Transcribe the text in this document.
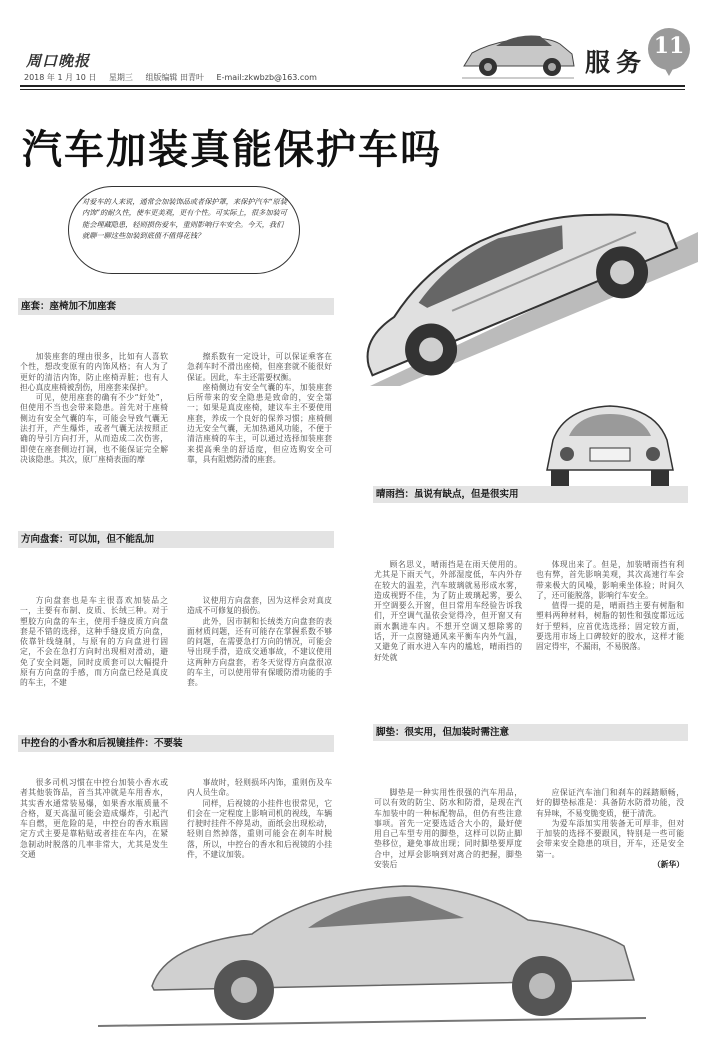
周口晚报
2018 年 1 月 10 日 星期三 组版编辑 田青叶 E-mail:zkwbzb@163.com
服务
11
汽车加装真能保护车吗
对爱车的人来说，通常会加装饰品或者保护罩，来保护汽车“原装内饰”的耐久性，使车更美观，更有个性。可实际上，很多加装可能会埋藏隐患，轻则损伤爱车，重则影响行车安全。今天，我们就聊一聊这些加装到底值不值得花钱？
座套：座椅加不加座套

加装座套的理由很多，比如有人喜软个性，想改变原有的内饰风格；有人为了更好的清洁内饰，防止座椅弄脏；也有人担心真皮座椅被刮伤，用座套来保护。

可见，使用座套的确有不少“好处”，但使用不当也会带来隐患。首先对于座椅侧边有安全气囊的车，可能会导致气囊无法打开，产生爆炸，或者气囊无法按照正确的导引方向打开，从而造成二次伤害，即使在座套侧边打洞，也不能保证完全解决该隐患。其次，原厂座椅表面的摩

擦系数有一定设计，可以保证乘客在急刹车时不滑出座椅，但座套就不能很好保证。因此，车主还需要权衡。

座椅侧边有安全气囊的车，加装座套后所带来的安全隐患是致命的，安全第一；如果是真皮座椅，建议车主不要使用座套，养成一个良好的保养习惯；座椅侧边无安全气囊，无加热通风功能，不便于清洁座椅的车主，可以通过选择加装座套来提高乘坐的舒适度，但应选购安全可靠，具有阻燃防滑的座套。

方向盘套：可以加，但不能乱加

方向盘套也是车主很喜欢加装品之一，主要有布制、皮质、长绒三种。对于塑胶方向盘的车主，使用手缝皮质方向盘套是不错的选择，这种手缝皮质方向盘，依靠针线缝制，与原有的方向盘进行固定，不会在急打方向时出现相对滑动，避免了安全问题，同时皮质套可以大幅提升原有方向盘的手感，而方向盘已经是真皮的车主，不建

议使用方向盘套，因为这样会对真皮造成不可修复的损伤。

此外，因市制和长绒类方向盘套的表面材质问题，还有可能存在掌握系数不够的问题，在需要急打方向的情况，可能会导出现手滑，造成交通事故，不建议使用这两种方向盘套，若冬天觉得方向盘很凉的车主，可以使用带有保暖防滑功能的手套。

中控台的小香水和后视镜挂件：不要装

很多司机习惯在中控台加装小香水或者其他装饰品，首当其冲就是车用香水，其实香水通常装易爆，如果香水瓶质量不合格，夏天高温可能会造成爆炸，引起汽车自燃，更危险的是，中控台的香水瓶固定方式主要是靠粘贴或者挂在车内，在紧急制动时脱落的几率非常大，尤其是发生交通

事故时，轻则损坏内饰，重则伤及车内人员生命。

同样，后视镜的小挂件也很常见，它们会在一定程度上影响司机的视线，车辆行驶时挂件不停晃动，面纸会出现松动，轻则自然掉落，重则可能会在刹车时脱落，所以，中控台的香水和后视镜的小挂件，不建议加装。

晴雨挡：虽说有缺点，但是很实用

顾名思义，晴雨挡是在雨天使用的。尤其是下雨天气，外部湿度低，车内外存在较大的温差，汽车玻璃就易形成水雾，造成视野不佳，为了防止玻璃起雾，要么开空调要么开窗，但日常用车经验告诉我们，开空调气温依会觉得冷，但开窗又有雨水飘进车内。不想开空调又想除雾的话，开一点窗缝通风来平衡车内外气温，又避免了雨水进入车内的尴尬，晴雨挡的好处就

体现出来了。但是，加装晴雨挡有利也有弊，首先影响美观，其次高速行车会带来极大的风噪，影响乘坐体验；时间久了，还可能脱落，影响行车安全。

值得一提的是，晴雨挡主要有树脂和塑料两种材料，树脂的韧性和强度都远远好于塑料，应首优选选择；固定较方面，要选用市场上口碑较好的胶水，这样才能固定得牢，不漏雨，不易脱落。

脚垫：很实用，但加装时需注意

脚垫是一种实用性很强的汽车用品，可以有效的防尘、防水和防滑，是现在汽车加装中的一种标配物品，但仍有些注意事项。首先一定要选适合大小的，最好使用自己车型专用的脚垫，这样可以防止脚垫移位，避免事故出现；同时脚垫要厚度合中，过厚会影响到对离合的把握，脚垫安装后

应保证汽车油门和刹车的踩踏顺畅，好的脚垫标准是：具备防水防滑功能，没有异味，不易变脆变质，便于清洗。

为爱车添加实用装备无可厚非，但对于加装的选择不要跟风，特别是一些可能会带来安全隐患的项目，开车，还是安全第一。

（新华）
